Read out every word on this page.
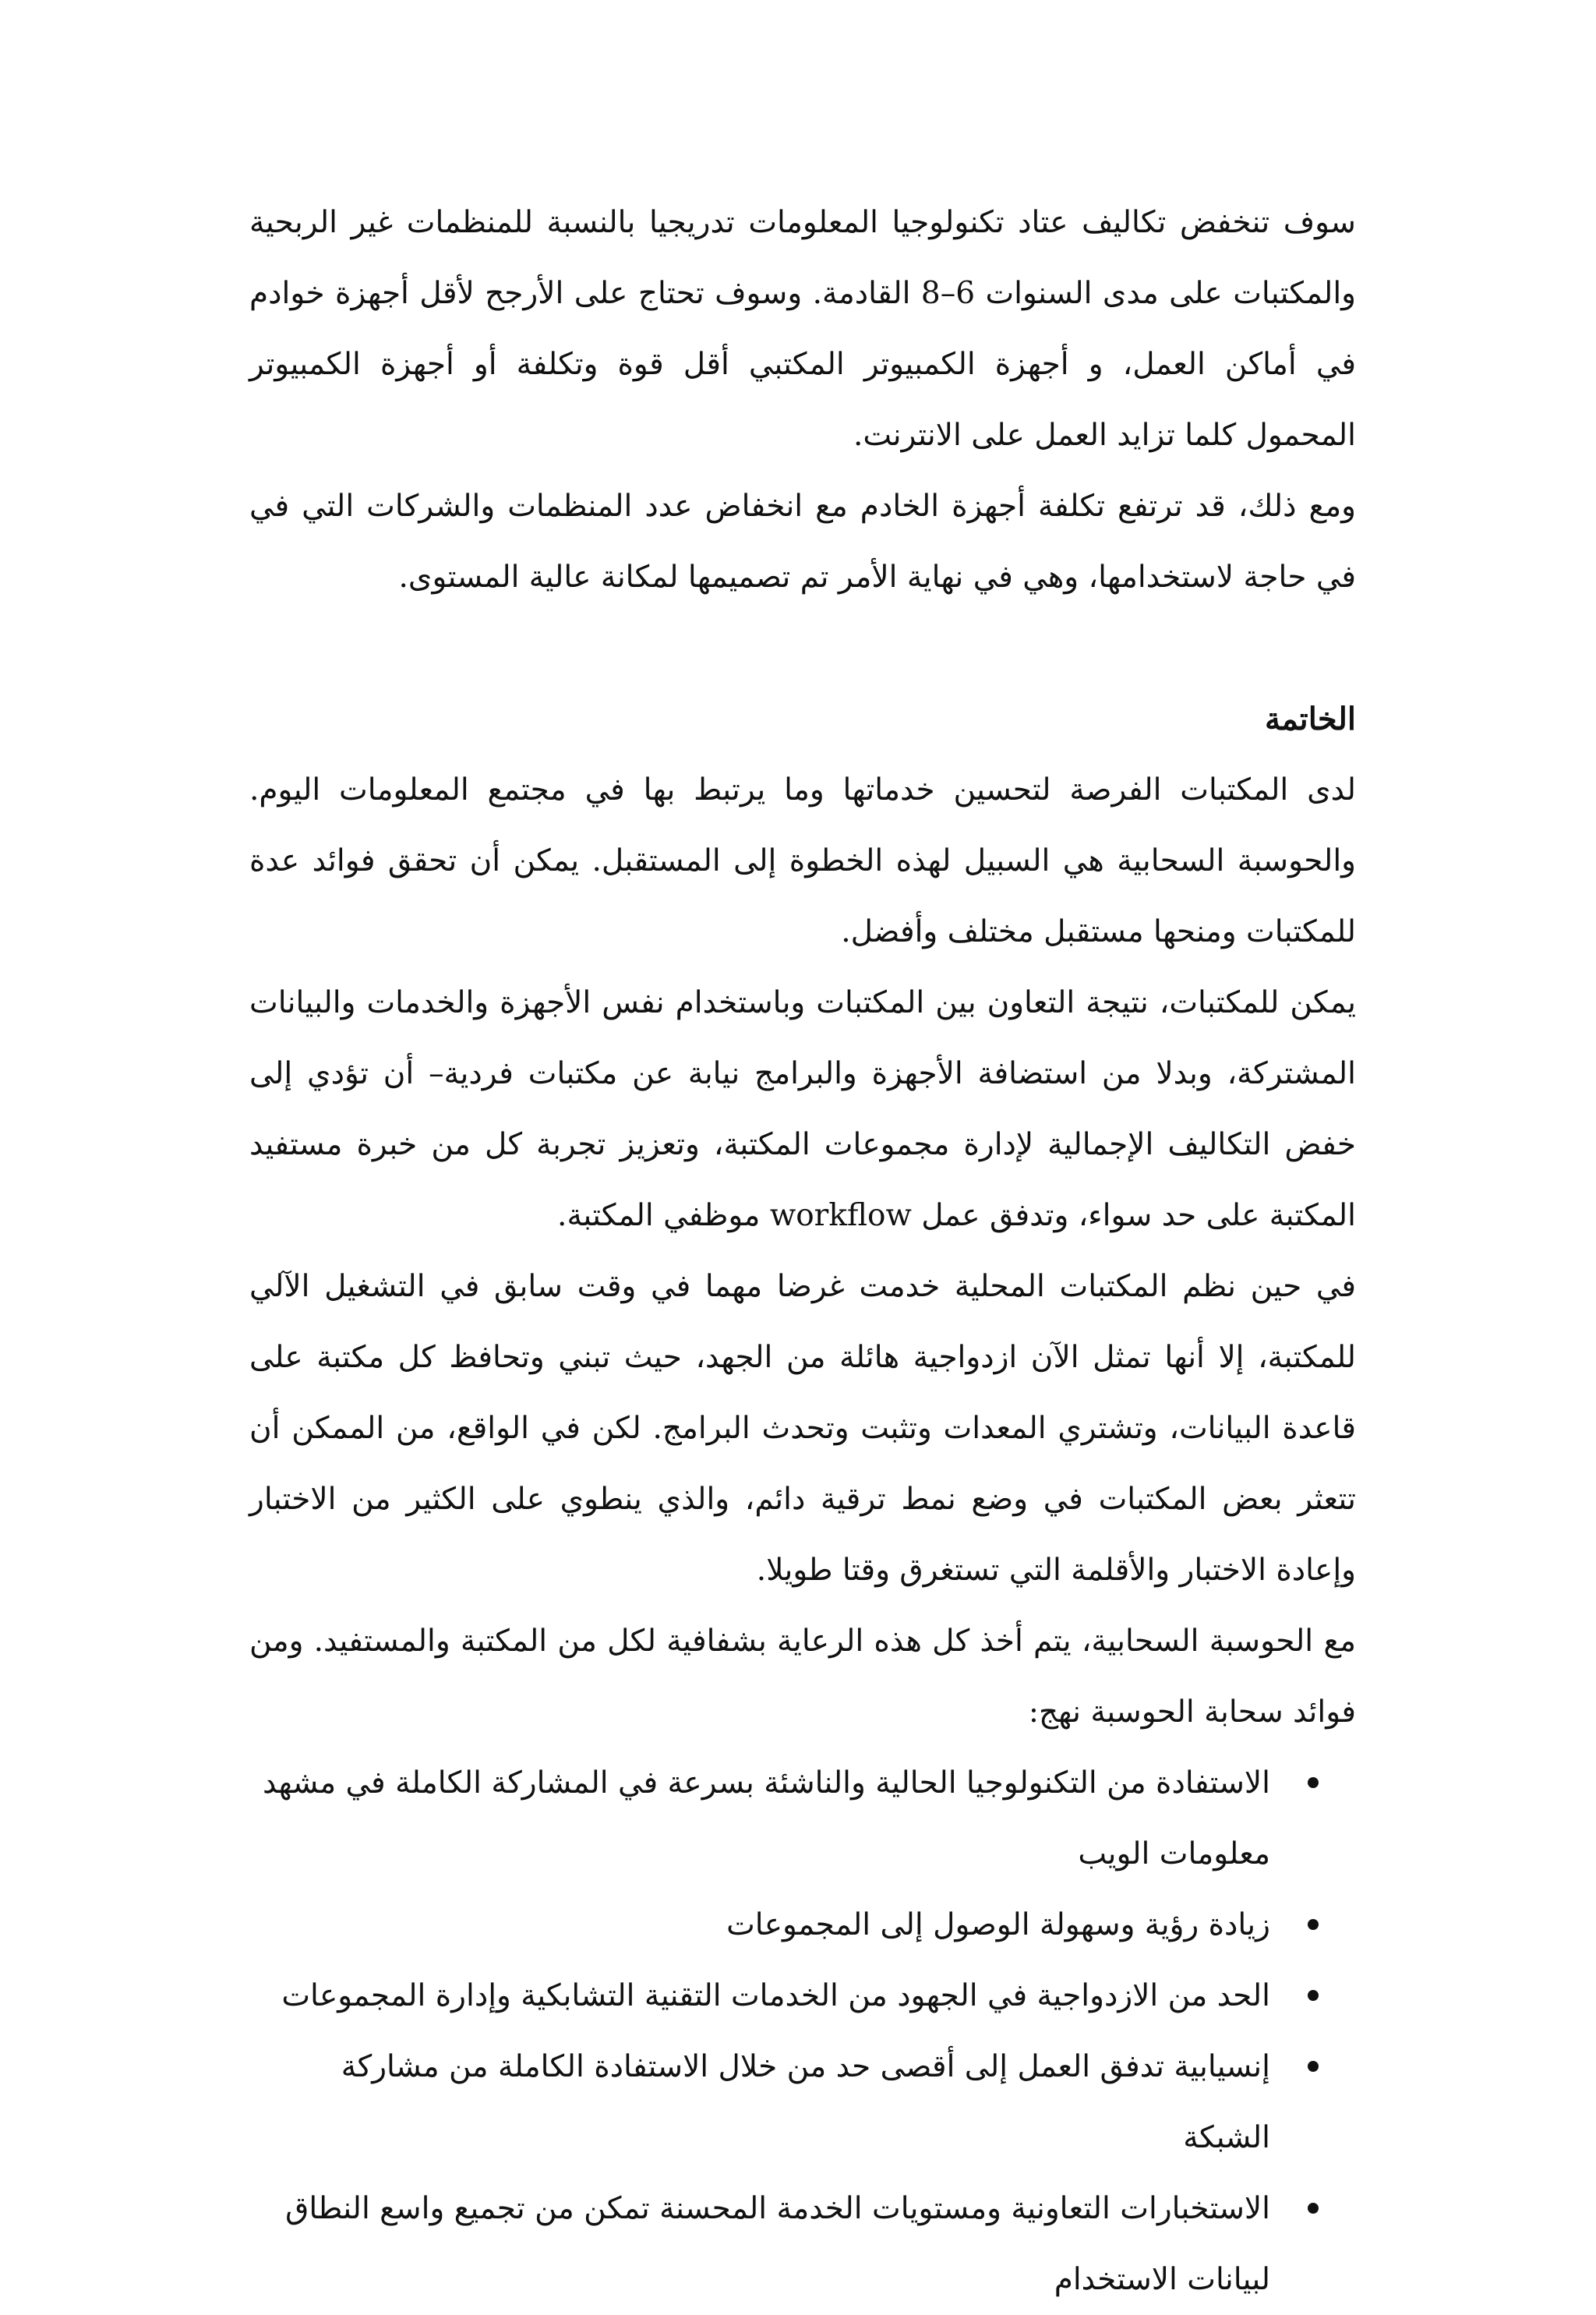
سوف تنخفض تكاليف عتاد تكنولوجيا المعلومات تدريجيا بالنسبة للمنظمات غير الربحية والمكتبات على مدى السنوات 6–8 القادمة. وسوف تحتاج على الأرجح لأقل أجهزة خوادم في أماكن العمل، و أجهزة الكمبيوتر المكتبي أقل قوة وتكلفة أو أجهزة الكمبيوتر المحمول كلما تزايد العمل على الانترنت.

ومع ذلك، قد ترتفع تكلفة أجهزة الخادم مع انخفاض عدد المنظمات والشركات التي في في حاجة لاستخدامها، وهي في نهاية الأمر تم تصميمها لمكانة عالية المستوى.

الخاتمة

لدى المكتبات الفرصة لتحسين خدماتها وما يرتبط بها في مجتمع المعلومات اليوم. والحوسبة السحابية هي السبيل لهذه الخطوة إلى المستقبل. يمكن أن تحقق فوائد عدة للمكتبات ومنحها مستقبل مختلف وأفضل.

يمكن للمكتبات، نتيجة التعاون بين المكتبات وباستخدام نفس الأجهزة والخدمات والبيانات المشتركة، وبدلا من استضافة الأجهزة والبرامج نيابة عن مكتبات فردية– أن تؤدي إلى خفض التكاليف الإجمالية لإدارة مجموعات المكتبة، وتعزيز تجربة كل من خبرة مستفيد المكتبة على حد سواء، وتدفق عمل workflow موظفي المكتبة.

في حين نظم المكتبات المحلية خدمت غرضا مهما في وقت سابق في التشغيل الآلي للمكتبة، إلا أنها تمثل الآن ازدواجية هائلة من الجهد، حيث تبني وتحافظ كل مكتبة على قاعدة البيانات، وتشتري المعدات وتثبت وتحدث البرامج. لكن في الواقع، من الممكن أن تتعثر بعض المكتبات في وضع نمط ترقية دائم، والذي ينطوي على الكثير من الاختبار وإعادة الاختبار والأقلمة التي تستغرق وقتا طويلا.

مع الحوسبة السحابية، يتم أخذ كل هذه الرعاية بشفافية لكل من المكتبة والمستفيد. ومن فوائد سحابة الحوسبة نهج:

الاستفادة من التكنولوجيا الحالية والناشئة بسرعة في المشاركة الكاملة في مشهد معلومات الويب
زيادة رؤية وسهولة الوصول إلى المجموعات
الحد من الازدواجية في الجهود من الخدمات التقنية التشابكية وإدارة المجموعات
إنسيابية تدفق العمل إلى أقصى حد من خلال الاستفادة الكاملة من مشاركة الشبكة
الاستخبارات التعاونية ومستويات الخدمة المحسنة تمكن من تجميع واسع النطاق لبيانات الاستخدام
